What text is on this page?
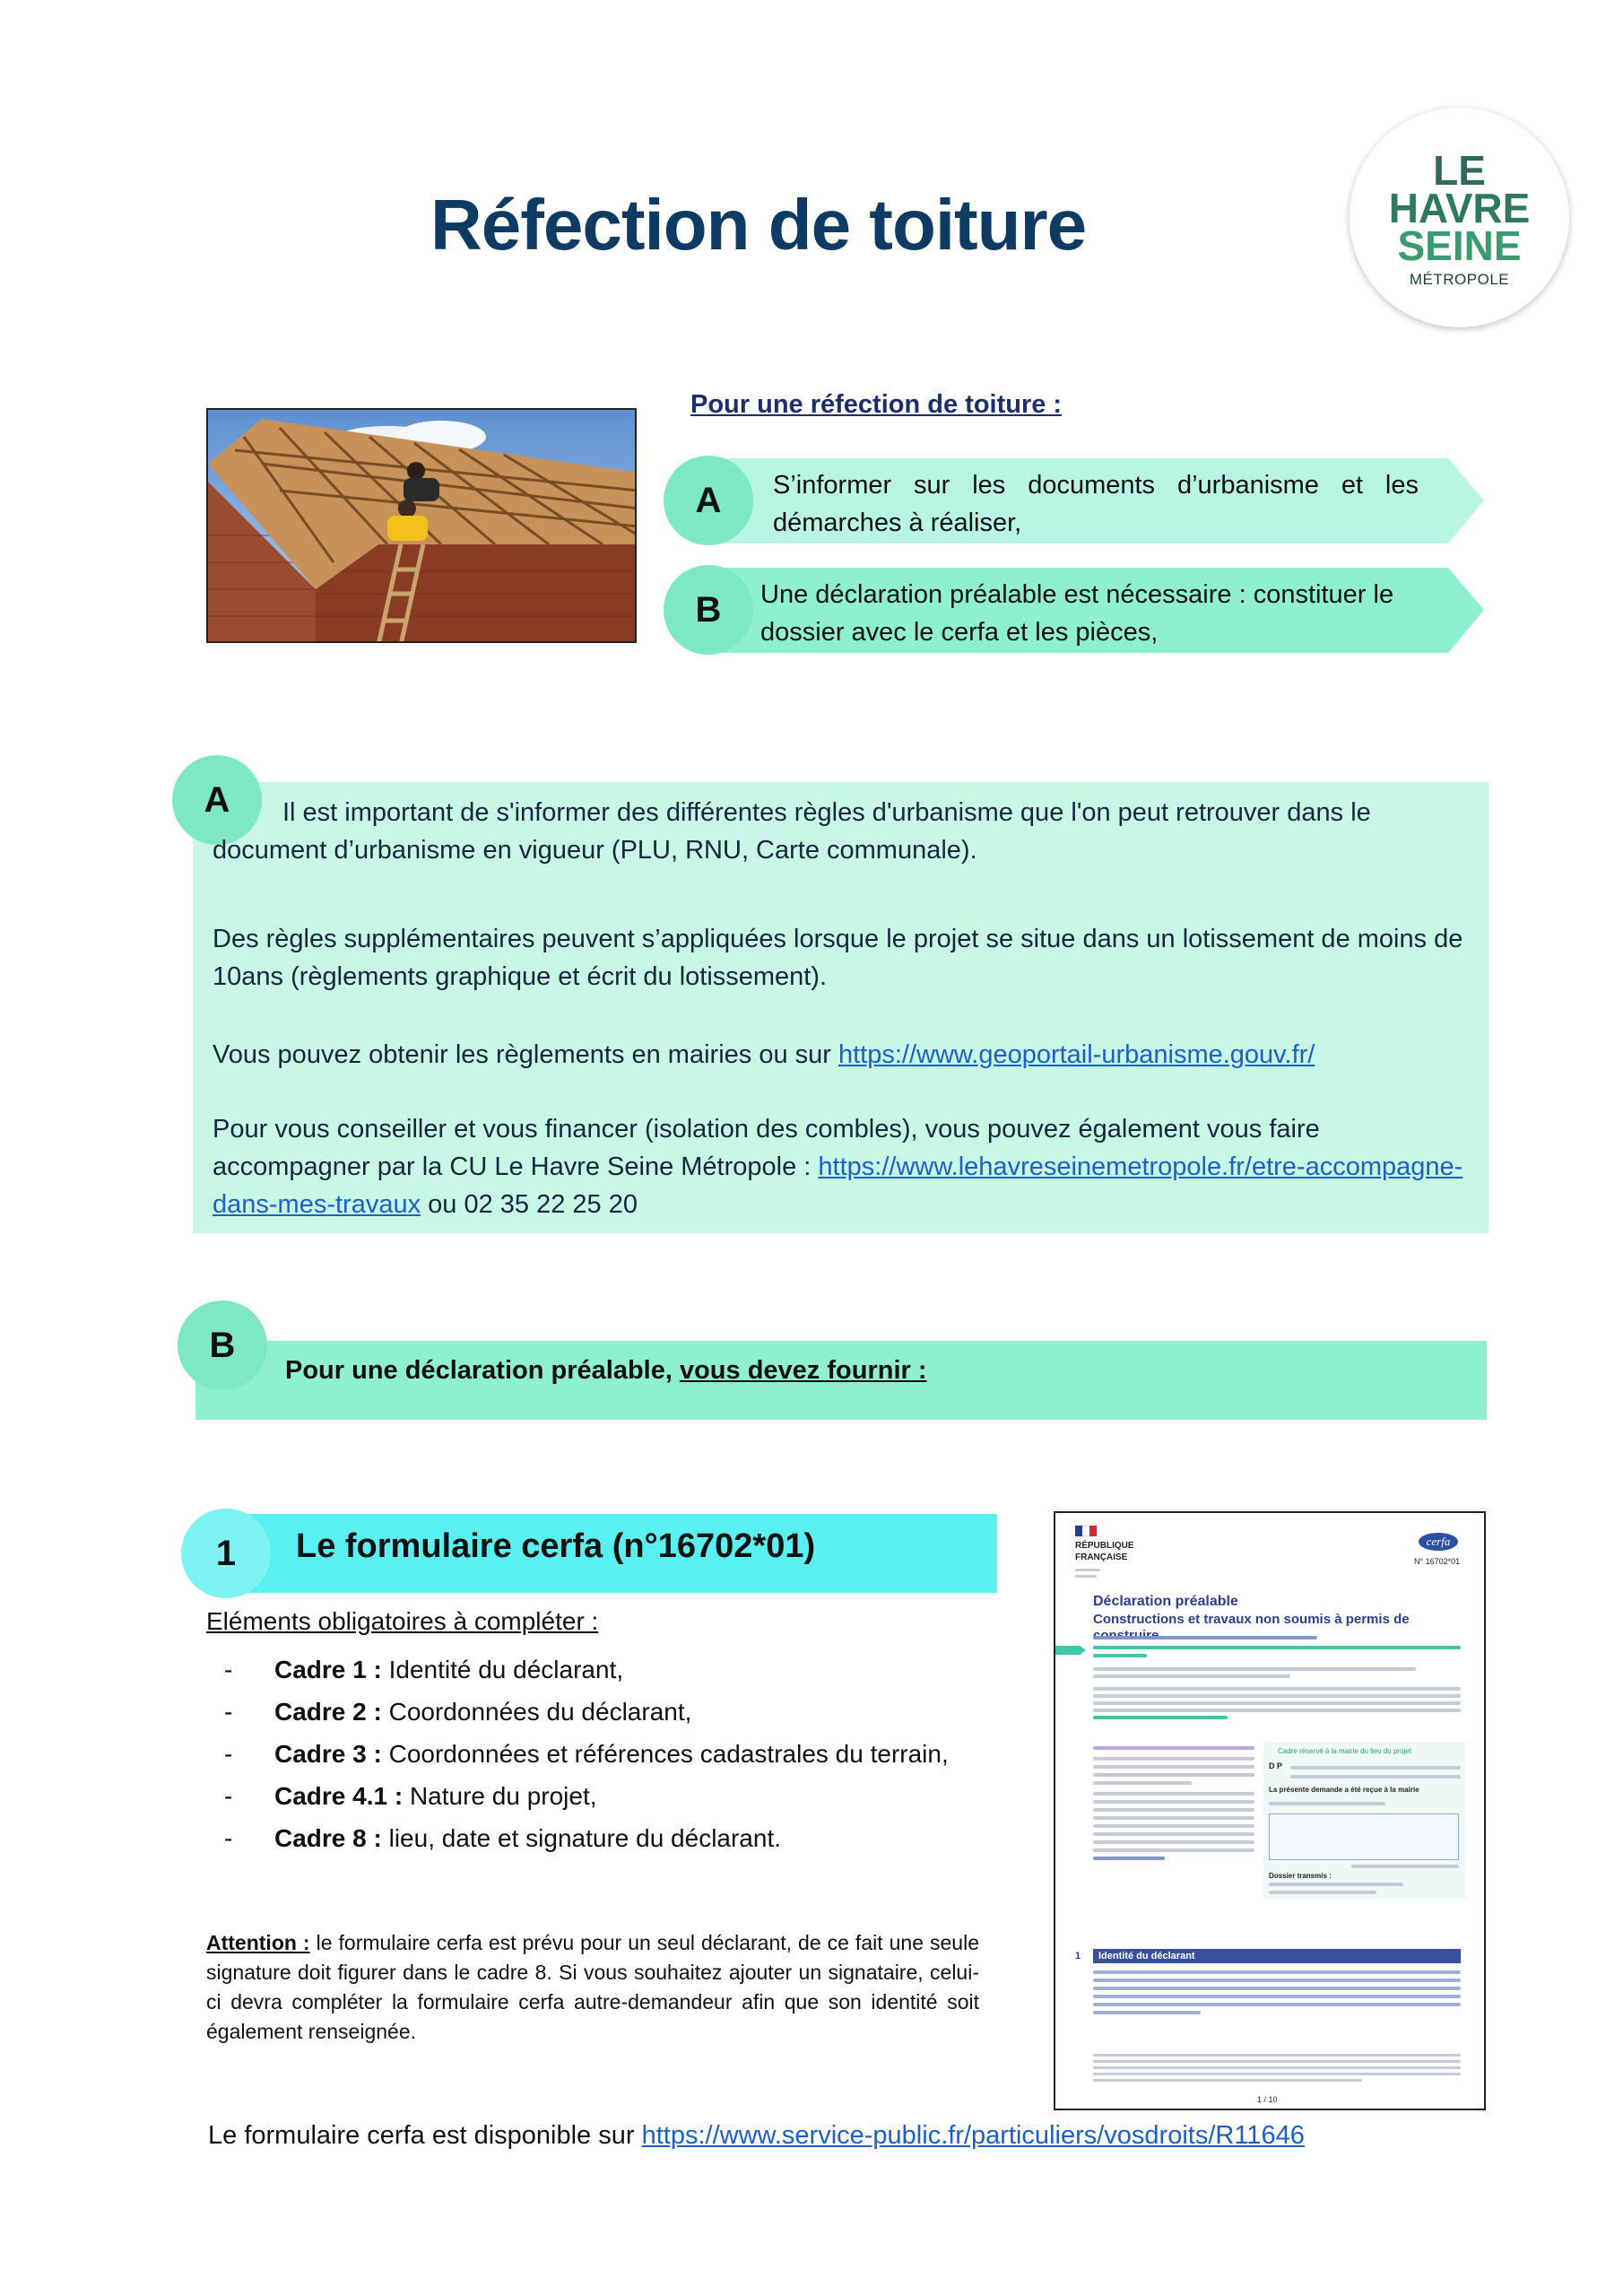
Réfection de toiture
LE
HAVRE
SEINE
MÉTROPOLE
Pour une réfection de toiture :
A	S’informer sur les documents d’urbanisme et les démarches à réaliser,
B	Une déclaration préalable est nécessaire : constituer le dossier avec le cerfa et les pièces,
A	Il est important de s'informer des différentes règles d'urbanisme que l'on peut retrouver dans le document d’urbanisme en vigueur (PLU, RNU, Carte communale).
Des règles supplémentaires peuvent s’appliquées lorsque le projet se situe dans un lotissement de moins de 10ans (règlements graphique et écrit du lotissement).
Vous pouvez obtenir les règlements en mairies ou sur https://www.geoportail-urbanisme.gouv.fr/
Pour vous conseiller et vous financer (isolation des combles), vous pouvez également vous faire accompagner par la CU Le Havre Seine Métropole : https://www.lehavreseinemetropole.fr/etre-accompagne-dans-mes-travaux ou 02 35 22 25 20
B
Pour une déclaration préalable, vous devez fournir :
1	Le formulaire cerfa (n°16702*01)
Eléments obligatoires à compléter :
- Cadre 1 : Identité du déclarant,
- Cadre 2 : Coordonnées du déclarant,
- Cadre 3 : Coordonnées et références cadastrales du terrain,
- Cadre 4.1 : Nature du projet,
- Cadre 8 : lieu, date et signature du déclarant.
Attention : le formulaire cerfa est prévu pour un seul déclarant, de ce fait une seule signature doit figurer dans le cadre 8. Si vous souhaitez ajouter un signataire, celui-ci devra compléter la formulaire cerfa autre-demandeur afin que son identité soit également renseignée.
Le formulaire cerfa est disponible sur https://www.service-public.fr/particuliers/vosdroits/R11646
RÉPUBLIQUE FRANÇAISE
cerfa
N° 16702*01
Déclaration préalable
Constructions et travaux non soumis à permis de
Cadre réservé à la mairie du lieu du projet
D P
La présente demande a été reçue à la mairie
Dossier transmis :
1 Identité du déclarant
1 / 10
